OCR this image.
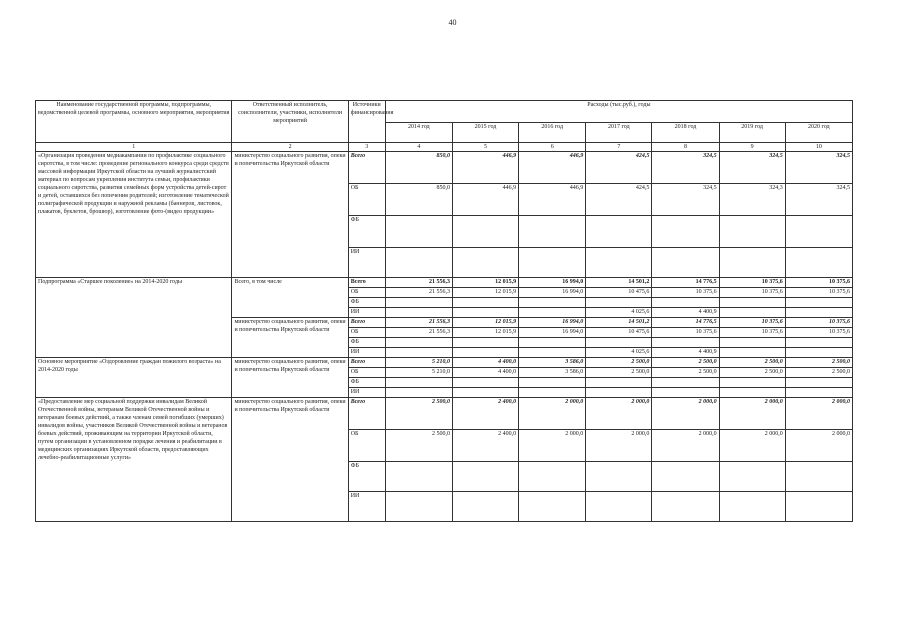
40
Наименование государственной программы, подпрограммы, ведомственной целевой программы, основного мероприятия, мероприятия	Ответственный исполнитель, соисполнители, участники, исполнители мероприятий	Источники финансирования	Расходы (тыс.руб.), годы						
			2014 год	2015 год	2016 год	2017 год	2018 год	2019 год	2020 год
1	2	3	4	5	6	7	8	9	10
«Организация проведения медиакампании по профилактике социального сиротства, в том числе: проведение регионального конкурса среди средств массовой информации Иркутской области на лучший журналистский материал по вопросам укрепления института семьи, профилактики социального сиротства, развития семейных форм устройства детей-сирот и детей, оставшихся без попечения родителей; изготовление тематической полиграфической продукции и наружной рекламы (баннеров, листовок, плакатов, буклетов, брошюр), изготовление фото-(видео продукции»	министерство социального развития, опеки и попечительства Иркутской области	Всего	850,0	446,9	446,9	424,5	324,5	324,5	324,5
		ОБ	850,0	446,9	446,9	424,5	324,5	324,3	324,5
		ФБ							
		ИИ							
Подпрограмма «Старшее поколение» на 2014-2020 годы	Всего, в том числе	Всего	21 556,3	12 015,9	16 994,0	14 501,2	14 776,5	10 375,6	10 375,6
		ОБ	21 556,3	12 015,9	16 994,0	10 475,6	10 375,6	10 375,6	10 375,6
		ФБ							
		ИИ				4 025,6	4 400,9		
	министерство социального развития, опеки и попечительства Иркутской области	Всего	21 556,3	12 015,9	16 994,0	14 501,2	14 776,5	10 375,6	10 375,6
		ОБ	21 556,3	12 015,9	16 994,0	10 475,6	10 375,6	10 375,6	10 375,6
		ФБ							
		ИИ				4 025,6	4 400,9		
Основное мероприятие «Оздоровление граждан пожилого возраста» на 2014-2020 годы	министерство социального развития, опеки и попечительства Иркутской области	Всего	5 210,0	4 400,0	3 586,0	2 500,0	2 500,0	2 500,0	2 500,0
		ОБ	5 210,0	4 400,0	3 586,0	2 500,0	2 500,0	2 500,0	2 500,0
		ФБ							
		ИИ							
«Предоставление мер социальной поддержки инвалидам Великой Отечественной войны, ветеранам Великой Отечественной войны и ветеранам боевых действий, а также членам семей погибших (умерших) инвалидов войны, участников Великой Отечественной войны и ветеранов боевых действий, проживающим на территории Иркутской области, путем организации в установленном порядке лечения и реабилитации в медицинских организациях Иркутской области, предоставляющих лечебно-реабилитационные услуги»	министерство социального развития, опеки и попечительства Иркутской области	Всего	2 500,0	2 400,0	2 000,0	2 000,0	2 000,0	2 000,0	2 000,0
		ОБ	2 500,0	2 400,0	2 000,0	2 000,0	2 000,0	2 000,0	2 000,0
		ФБ							
		ИИ							
